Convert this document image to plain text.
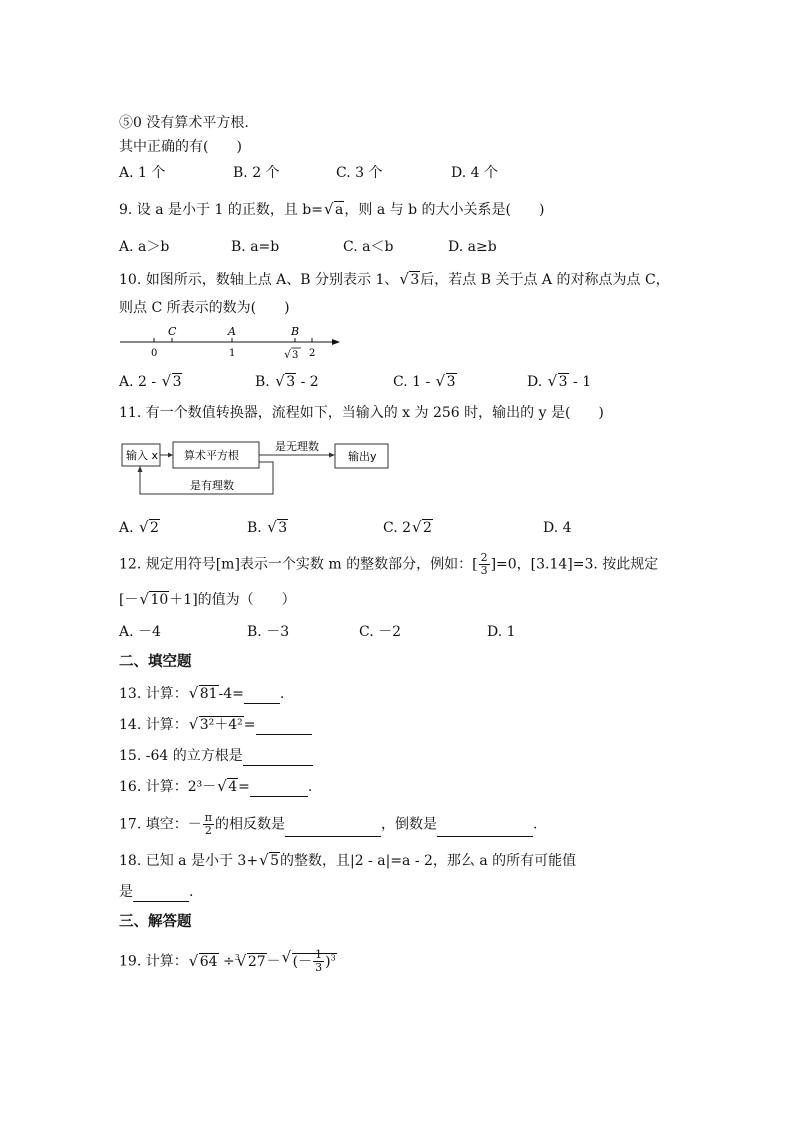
⑤0 没有算术平方根.
其中正确的有(　　)
A. 1 个	B. 2 个	C. 3 个	D. 4 个
9. 设 a 是小于 1 的正数，且 b= √ a，则 a 与 b 的大小关系是(　　)
A. a＞b	B. a=b	C. a＜b	D. a≥b
10. 如图所示，数轴上点 A、B 分别表示 1、 √ 3后，若点 B 关于点 A 的对称点为点 C，
则点 C 所表示的数为(　　)
C	A	B
0	1	√ 3 2
A. 2 - √ 3	B. √ 3 - 2	C. 1 - √ 3	D. √ 3 - 1
11. 有一个数值转换器，流程如下，当输入的 x 为 256 时，输出的 y 是(　　)
输入 x 算术平方根
是无理数
输出y
是有理数
A. √ 2	B. √ 3	C. 2 √ 2	D. 4
12. 规定用符号[m]表示一个实数 m 的整数部分，例如：[ $\frac{2}{3} ]=0$，[3.14]=3. 按此规定
[－ √ 10＋1]的值为（　　）
A. －4	B. －3	C. －2	D. 1
二、填空题
13. 计算： √ 81-4=	.
14. 计算： √ 3²＋4²=
15. -64 的立方根是
16. 计算：2³－ √ 4=	.
17. 填空：－ $\frac{\pi}{2}$ 的相反数是	，倒数是	.
18. 已知 a 是小于 3+ √ 5的整数，且|2 - a|=a - 2，那么 a 的所有可能值
是	.
三、解答题
19. 计算： √ 64 ÷$^3$ √ 27－ √ (－ $\frac{1}{3} )^3$
